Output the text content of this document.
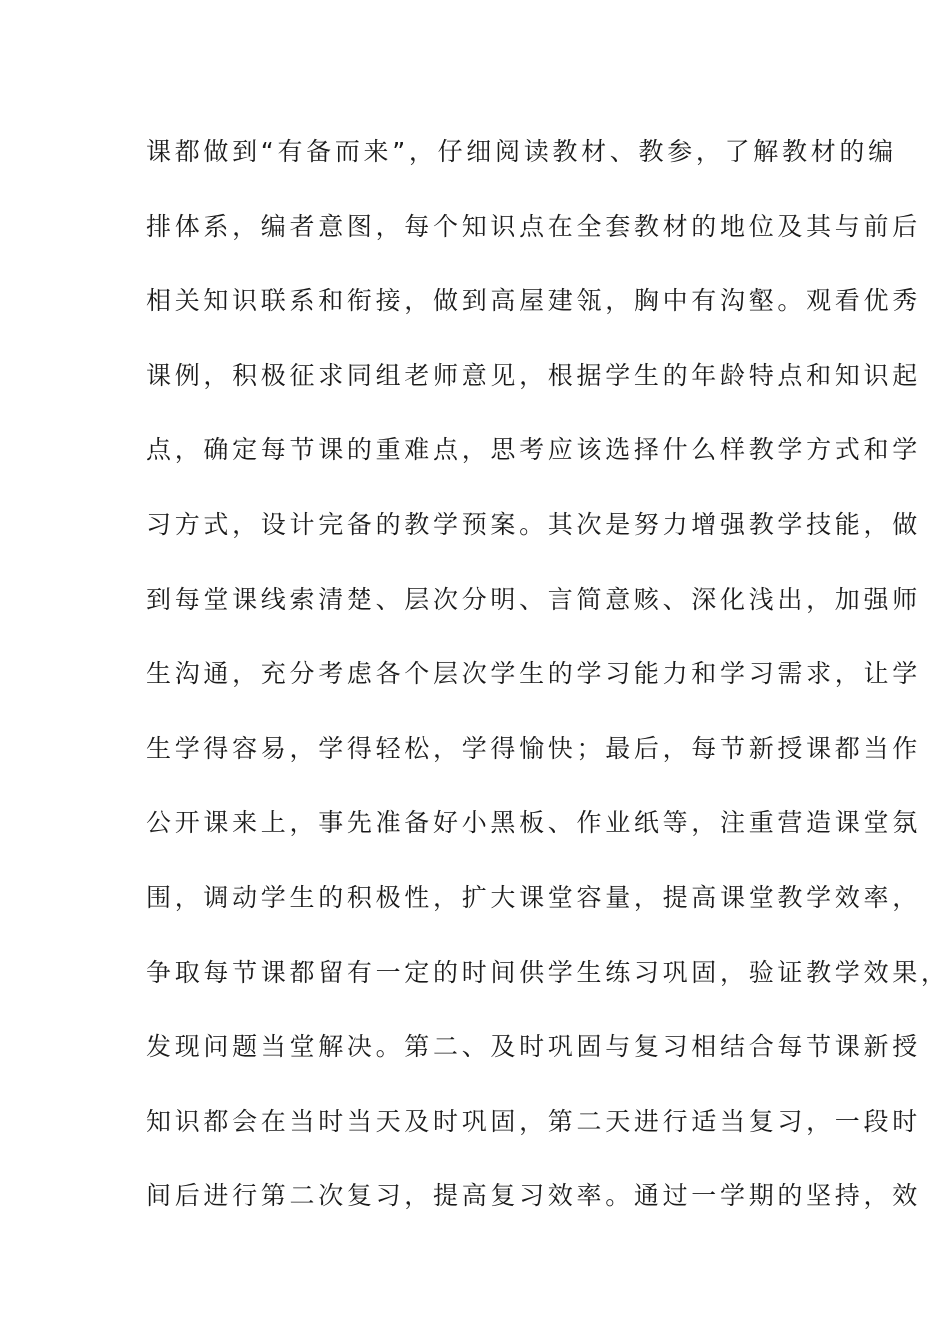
课都做到“有备而来”，仔细阅读教材、教参，了解教材的编
排体系，编者意图，每个知识点在全套教材的地位及其与前后
相关知识联系和衔接，做到高屋建瓴，胸中有沟壑。观看优秀
课例，积极征求同组老师意见，根据学生的年龄特点和知识起
点，确定每节课的重难点，思考应该选择什么样教学方式和学
习方式，设计完备的教学预案。其次是努力增强教学技能，做
到每堂课线索清楚、层次分明、言简意赅、深化浅出，加强师
生沟通，充分考虑各个层次学生的学习能力和学习需求，让学
生学得容易，学得轻松，学得愉快；最后，每节新授课都当作
公开课来上，事先准备好小黑板、作业纸等，注重营造课堂氛
围，调动学生的积极性，扩大课堂容量，提高课堂教学效率，
争取每节课都留有一定的时间供学生练习巩固，验证教学效果，
发现问题当堂解决。第二、及时巩固与复习相结合每节课新授
知识都会在当时当天及时巩固，第二天进行适当复习，一段时
间后进行第二次复习，提高复习效率。通过一学期的坚持，效
